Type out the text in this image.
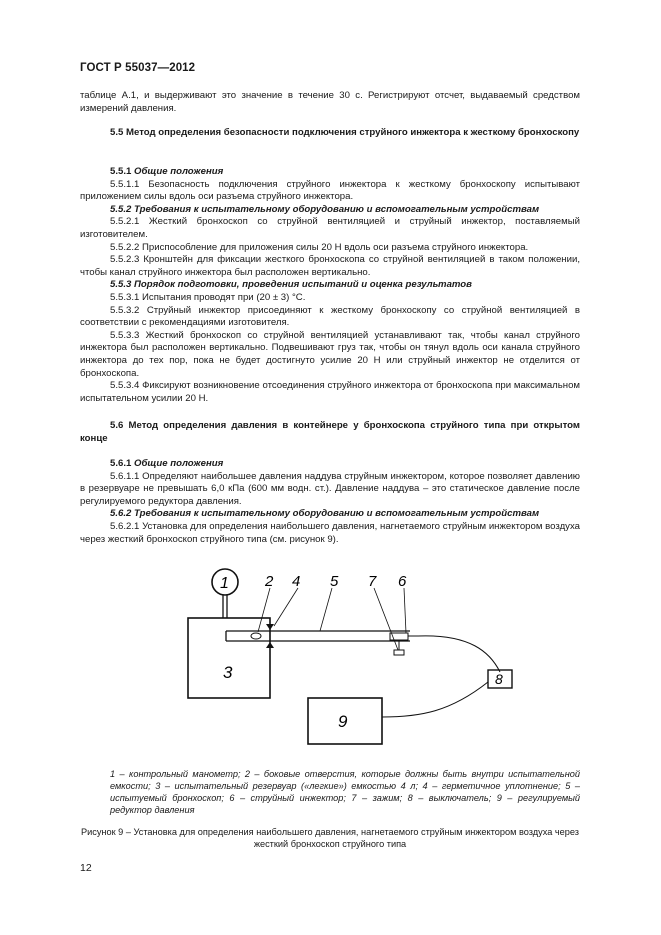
ГОСТ Р 55037—2012

таблице А.1, и выдерживают это значение в течение 30 с. Регистрируют отсчет, выдаваемый средством измерений давления.

5.5 Метод определения безопасности подключения струйного инжектора к жесткому бронхоскопу

5.5.1 Общие положения

5.5.1.1 Безопасность подключения струйного инжектора к жесткому бронхоскопу испытывают приложением силы вдоль оси разъема струйного инжектора.

5.5.2 Требования к испытательному оборудованию и вспомогательным устройствам

5.5.2.1 Жесткий бронхоскоп со струйной вентиляцией и струйный инжектор, поставляемый изготовителем.

5.5.2.2 Приспособление для приложения силы 20 Н вдоль оси разъема струйного инжектора.

5.5.2.3 Кронштейн для фиксации жесткого бронхоскопа со струйной вентиляцией в таком положении, чтобы канал струйного инжектора был расположен вертикально.

5.5.3 Порядок подготовки, проведения испытаний и оценка результатов

5.5.3.1 Испытания проводят при (20 ± 3) °С.

5.5.3.2 Струйный инжектор присоединяют к жесткому бронхоскопу со струйной вентиляцией в соответствии с рекомендациями изготовителя.

5.5.3.3 Жесткий бронхоскоп со струйной вентиляцией устанавливают так, чтобы канал струйного инжектора был расположен вертикально. Подвешивают груз так, чтобы он тянул вдоль оси канала струйного инжектора до тех пор, пока не будет достигнуто усилие 20 Н или струйный инжектор не отделится от бронхоскопа.

5.5.3.4 Фиксируют возникновение отсоединения струйного инжектора от бронхоскопа при максимальном испытательном усилии 20 Н.

5.6 Метод определения давления в контейнере у бронхоскопа струйного типа при открытом конце

5.6.1 Общие положения

5.6.1.1 Определяют наибольшее давления наддува струйным инжектором, которое позволяет давлению в резервуаре не превышать 6,0 кПа (600 мм водн. ст.). Давление наддува – это статическое давление после регулируемого редуктора давления.

5.6.2 Требования к испытательному оборудованию и вспомогательным устройствам

5.6.2.1 Установка для определения наибольшего давления, нагнетаемого струйным инжектором воздуха через жесткий бронхоскоп струйного типа (см. рисунок 9).

1 2 4 5 7 6
3	8
9
1 – контрольный манометр; 2 – боковые отверстия, которые должны быть внутри испытательной емкости; 3 – испытательный резервуар («легкие») емкостью 4 л; 4 – герметичное уплотнение; 5 – испытуемый бронхоскоп; 6 – струйный инжектор; 7 – зажим; 8 – выключатель; 9 – регулируемый редуктор давления
Рисунок 9 – Установка для определения наибольшего давления, нагнетаемого струйным инжектором воздуха через жесткий бронхоскоп струйного типа
12
